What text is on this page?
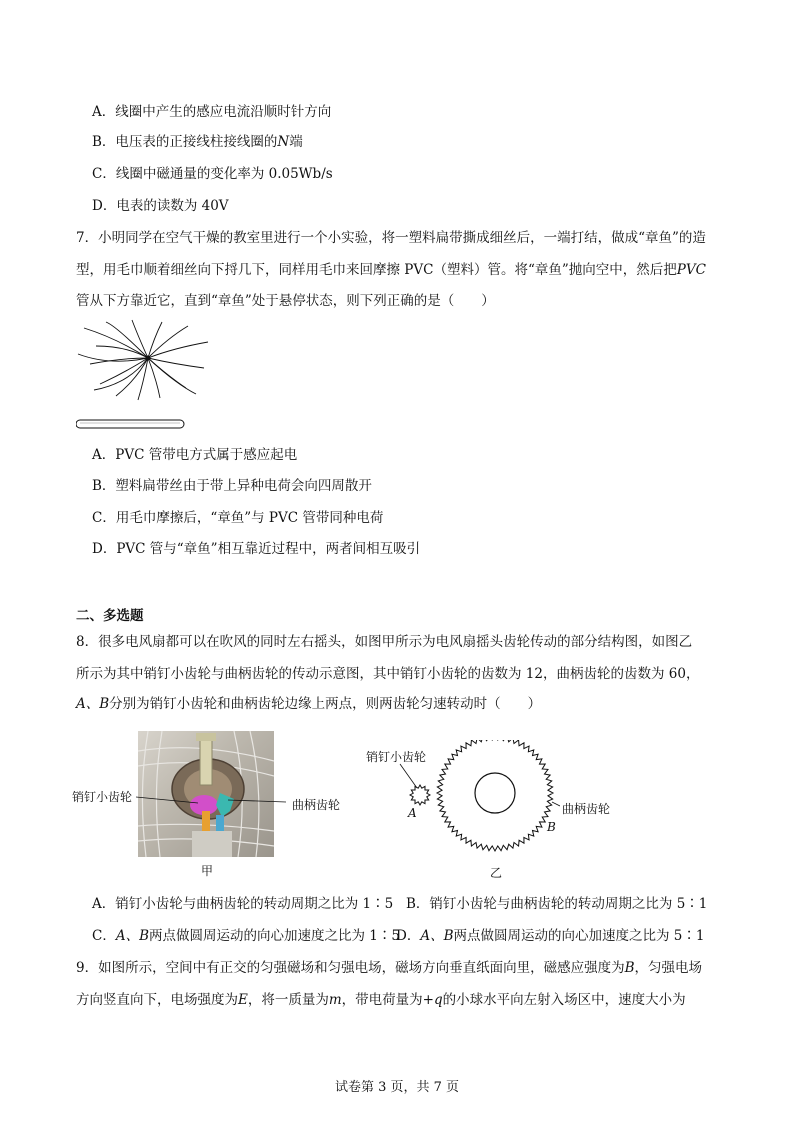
A．线圈中产生的感应电流沿顺时针方向
B．电压表的正接线柱接线圈的N端
C．线圈中磁通量的变化率为 0.05Wb/s
D．电表的读数为 40V
7．小明同学在空气干燥的教室里进行一个小实验，将一塑料扁带撕成细丝后，一端打结，做成“章鱼”的造
型，用毛巾顺着细丝向下捋几下，同样用毛巾来回摩擦 PVC（塑料）管。将“章鱼”抛向空中，然后把PVC
管从下方靠近它，直到“章鱼”处于悬停状态，则下列正确的是（　　）
A．PVC 管带电方式属于感应起电
B．塑料扁带丝由于带上异种电荷会向四周散开
C．用毛巾摩擦后，“章鱼”与 PVC 管带同种电荷
D．PVC 管与“章鱼”相互靠近过程中，两者间相互吸引
二、多选题
8．很多电风扇都可以在吹风的同时左右摇头，如图甲所示为电风扇摇头齿轮传动的部分结构图，如图乙
所示为其中销钉小齿轮与曲柄齿轮的传动示意图，其中销钉小齿轮的齿数为 12，曲柄齿轮的齿数为 60，
A、B分别为销钉小齿轮和曲柄齿轮边缘上两点，则两齿轮匀速转动时（　　）
销钉小齿轮
曲柄齿轮
甲
销钉小齿轮
曲柄齿轮
A
B
乙
A．销钉小齿轮与曲柄齿轮的转动周期之比为 1∶5 B．销钉小齿轮与曲柄齿轮的转动周期之比为 5∶1
C．A、B两点做圆周运动的向心加速度之比为 1∶5
D．A、B两点做圆周运动的向心加速度之比为 5∶1
9．如图所示，空间中有正交的匀强磁场和匀强电场，磁场方向垂直纸面向里，磁感应强度为B，匀强电场
方向竖直向下，电场强度为E，将一质量为m，带电荷量为+q的小球水平向左射入场区中，速度大小为
试卷第 3 页，共 7 页
